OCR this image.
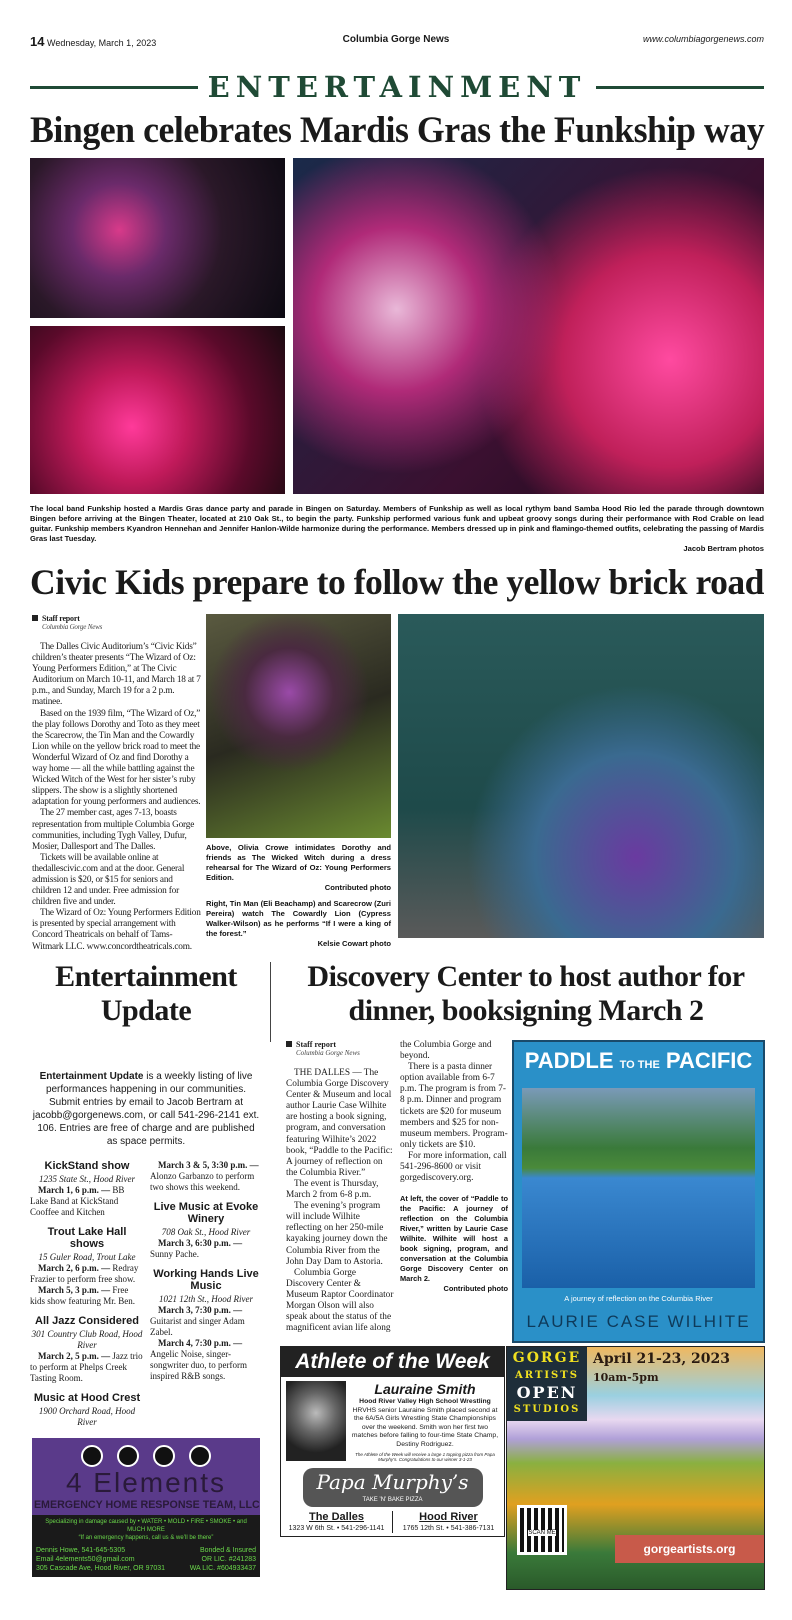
14 Wednesday, March 1, 2023	Columbia Gorge News	www.columbiagorgenews.com
ENTERTAINMENT
Bingen celebrates Mardis Gras the Funkship way
The local band Funkship hosted a Mardis Gras dance party and parade in Bingen on Saturday. Members of Funkship as well as local rythym band Samba Hood Rio led the parade through downtown Bingen before arriving at the Bingen Theater, located at 210 Oak St., to begin the party. Funkship performed various funk and upbeat groovy songs during their performance with Rod Crable on lead guitar. Funkship members Kyandron Hennehan and Jennifer Hanlon-Wilde harmonize during the performance. Members dressed up in pink and flamingo-themed outfits, celebrating the passing of Mardis Gras last Tuesday.
Jacob Bertram photos
Civic Kids prepare to follow the yellow brick road
Staff report
Columbia Gorge News

The Dalles Civic Auditorium’s “Civic Kids” children’s theater presents “The Wizard of Oz: Young Performers Edition,” at The Civic Auditorium on March 10-11, and March 18 at 7 p.m., and Sunday, March 19 for a 2 p.m. matinee.

Based on the 1939 film, “The Wizard of Oz,” the play follows Dorothy and Toto as they meet the Scarecrow, the Tin Man and the Cowardly Lion while on the yellow brick road to meet the Wonderful Wizard of Oz and find Dorothy a way home — all the while battling against the Wicked Witch of the West for her sister’s ruby slippers. The show is a slightly shortened adaptation for young performers and audiences.

The 27 member cast, ages 7-13, boasts representation from multiple Columbia Gorge communities, including Tygh Valley, Dufur, Mosier, Dallesport and The Dalles.

Tickets will be available online at thedallescivic.com and at the door. General admission is $20, or $15 for seniors and children 12 and under. Free admission for children five and under.

The Wizard of Oz: Young Performers Edition is presented by special arrangement with Concord Theatricals on behalf of Tams-Witmark LLC. www.concordtheatricals.com.

Above, Olivia Crowe intimidates Dorothy and friends as The Wicked Witch during a dress rehearsal for The Wizard of Oz: Young Performers Edition.
Contributed photo
Right, Tin Man (Eli Beachamp) and Scarecrow (Zuri Pereira) watch The Cowardly Lion (Cypress Walker-Wilson) as he performs “If I were a king of the forest.”
Kelsie Cowart photo
Entertainment Update
Entertainment Update is a weekly listing of live performances happening in our communities. Submit entries by email to Jacob Bertram at jacobb@gorgenews.com, or call 541-296-2141 ext. 106. Entries are free of charge and are published as space permits.
KickStand show
1235 State St., Hood River

March 1, 6 p.m. — BB Lake Band at KickStand Cooffee and Kitchen

Trout Lake Hall shows
15 Guler Road, Trout Lake

March 2, 6 p.m. — Redray Frazier to perform free show.

March 5, 3 p.m. — Free kids show featuring Mr. Ben.

All Jazz Considered
301 Country Club Road, Hood River

March 2, 5 p.m. — Jazz trio to perform at Phelps Creek Tasting Room.

Music at Hood Crest
1900 Orchard Road, Hood River

March 3 & 5, 3:30 p.m. — Alonzo Garbanzo to perform two shows this weekend.

Live Music at Evoke Winery
708 Oak St., Hood River

March 3, 6:30 p.m. — Sunny Pache.

Working Hands Live Music
1021 12th St., Hood River

March 3, 7:30 p.m. — Guitarist and singer Adam Zabel.

March 4, 7:30 p.m. — Angelic Noise, singer-songwriter duo, to perform inspired R&B songs.

4 Elements
EMERGENCY HOME RESPONSE TEAM, LLC
Specializing in damage caused by • WATER • MOLD • FIRE • SMOKE • and MUCH MORE
“If an emergency happens, call us & we’ll be there”
Dennis Howe, 541-645-5305
Email 4elements50@gmail.com
305 Cascade Ave, Hood River, OR 97031
Bonded & Insured
OR LIC. #241283
WA LIC. #604933437
Discovery Center to host author for dinner, booksigning March 2
Staff report
Columbia Gorge News

THE DALLES — The Columbia Gorge Discovery Center & Museum and local author Laurie Case Wilhite are hosting a book signing, program, and conversation featuring Wilhite’s 2022 book, “Paddle to the Pacific: A journey of reflection on the Columbia River.”

The event is Thursday, March 2 from 6-8 p.m.

The evening’s program will include Wilhite reflecting on her 250-mile kayaking journey down the Columbia River from the John Day Dam to Astoria.

Columbia Gorge Discovery Center & Museum Raptor Coordinator Morgan Olson will also speak about the status of the magnificent avian life along the Columbia Gorge and beyond.

There is a pasta dinner option available from 6-7 p.m. The program is from 7-8 p.m. Dinner and program tickets are $20 for museum members and $25 for non-museum members. Program-only tickets are $10.

For more information, call 541-296-8600 or visit gorgediscovery.org.

At left, the cover of “Paddle to the Pacific: A journey of reflection on the Columbia River,” written by Laurie Case Wilhite. Wilhite will host a book signing, program, and conversation at the Columbia Gorge Discovery Center on March 2.
Contributed photo
PADDLE TO THE PACIFIC
A journey of reflection on the Columbia River
LAURIE CASE WILHITE
Athlete of the Week
Lauraine Smith
Hood River Valley High School Wrestling
HRVHS senior Lauraine Smith placed second at the 6A/5A Girls Wrestling State Championships over the weekend. Smith won her first two matches before falling to four-time State Champ, Destiny Rodriguez.
The Athlete of the Week will receive a large 1 topping pizza from Papa Murphy’s. Congratulations to our winner 3-1-23
Papa Murphy’s
TAKE ’N’ BAKE PIZZA
The Dalles
1323 W 6th St. • 541-296-1141
Hood River
1765 12th St. • 541-386-7131
GORGE
ARTISTS
OPEN
STUDIOS
April 21-23, 2023
10am-5pm
SCAN ME
gorgeartists.org
